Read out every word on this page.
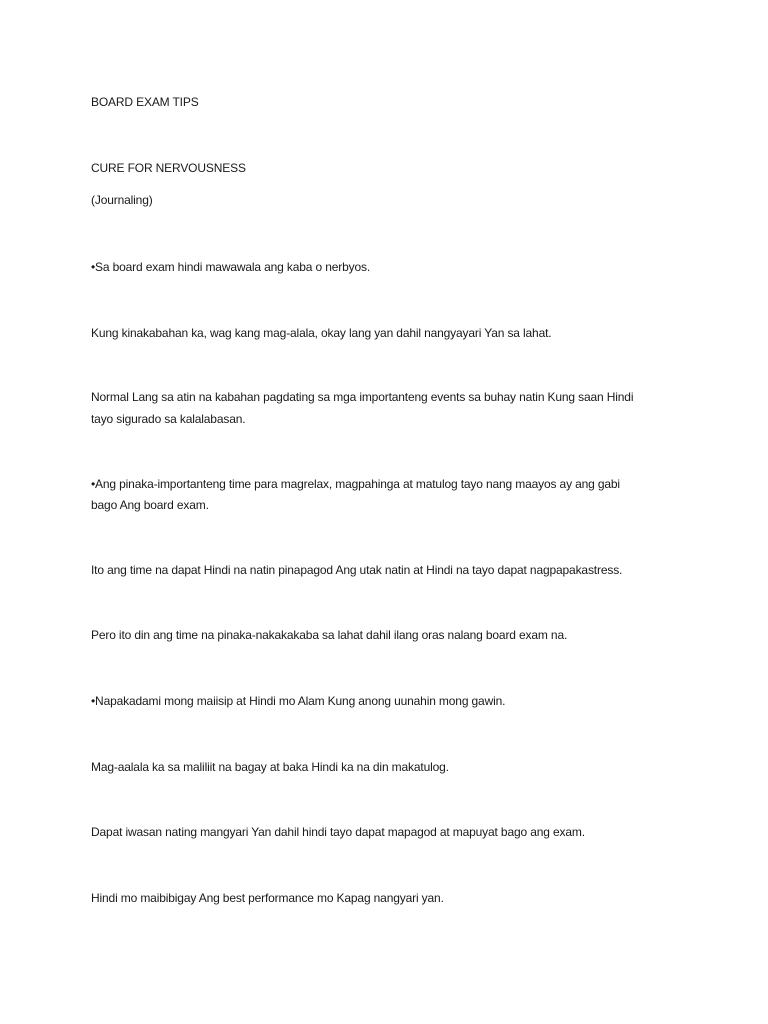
BOARD EXAM TIPS

CURE FOR NERVOUSNESS

(Journaling)

•Sa board exam hindi mawawala ang kaba o nerbyos.

Kung kinakabahan ka, wag kang mag-alala, okay lang yan dahil nangyayari Yan sa lahat.

Normal Lang sa atin na kabahan pagdating sa mga importanteng events sa buhay natin Kung saan Hindi

tayo sigurado sa kalalabasan.

•Ang pinaka-importanteng time para magrelax, magpahinga at matulog tayo nang maayos ay ang gabi

bago Ang board exam.

Ito ang time na dapat Hindi na natin pinapagod Ang utak natin at Hindi na tayo dapat nagpapakastress.

Pero ito din ang time na pinaka-nakakakaba sa lahat dahil ilang oras nalang board exam na.

•Napakadami mong maiisip at Hindi mo Alam Kung anong uunahin mong gawin.

Mag-aalala ka sa maliliit na bagay at baka Hindi ka na din makatulog.

Dapat iwasan nating mangyari Yan dahil hindi tayo dapat mapagod at mapuyat bago ang exam.

Hindi mo maibibigay Ang best performance mo Kapag nangyari yan.
